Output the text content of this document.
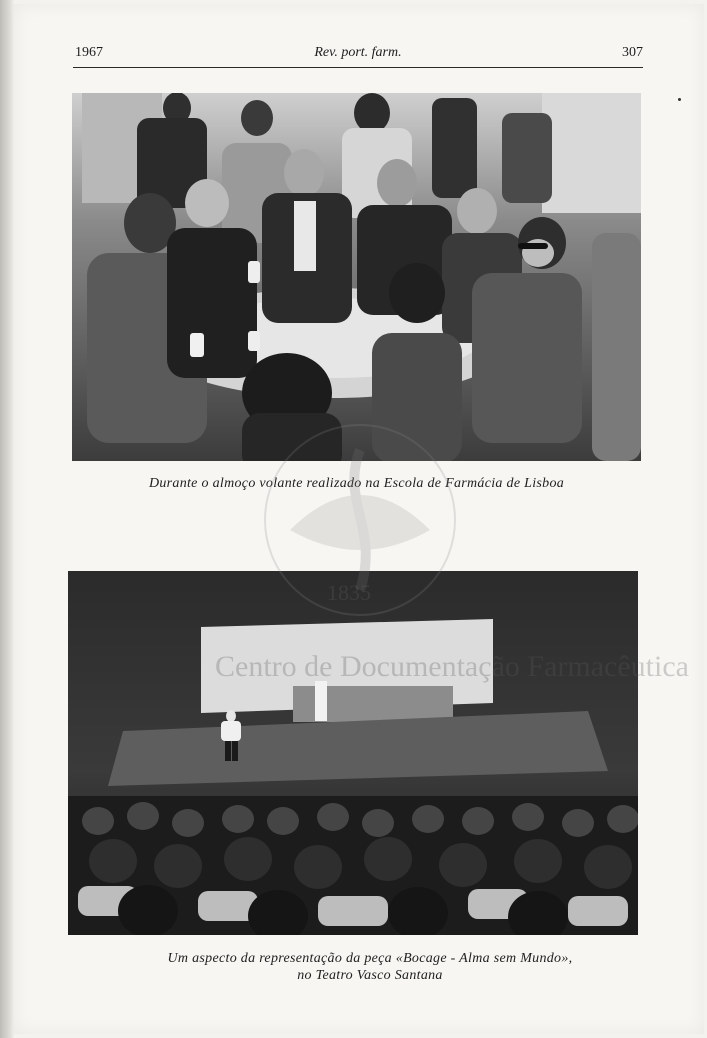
1967	Rev. port. farm.	307
Durante o almoço volante realizado na Escola de Farmácia de Lisboa
Um aspecto da representação da peça «Bocage - Alma sem Mundo»,
no Teatro Vasco Santana
1835
Centro de Documentação Farmacêutica
